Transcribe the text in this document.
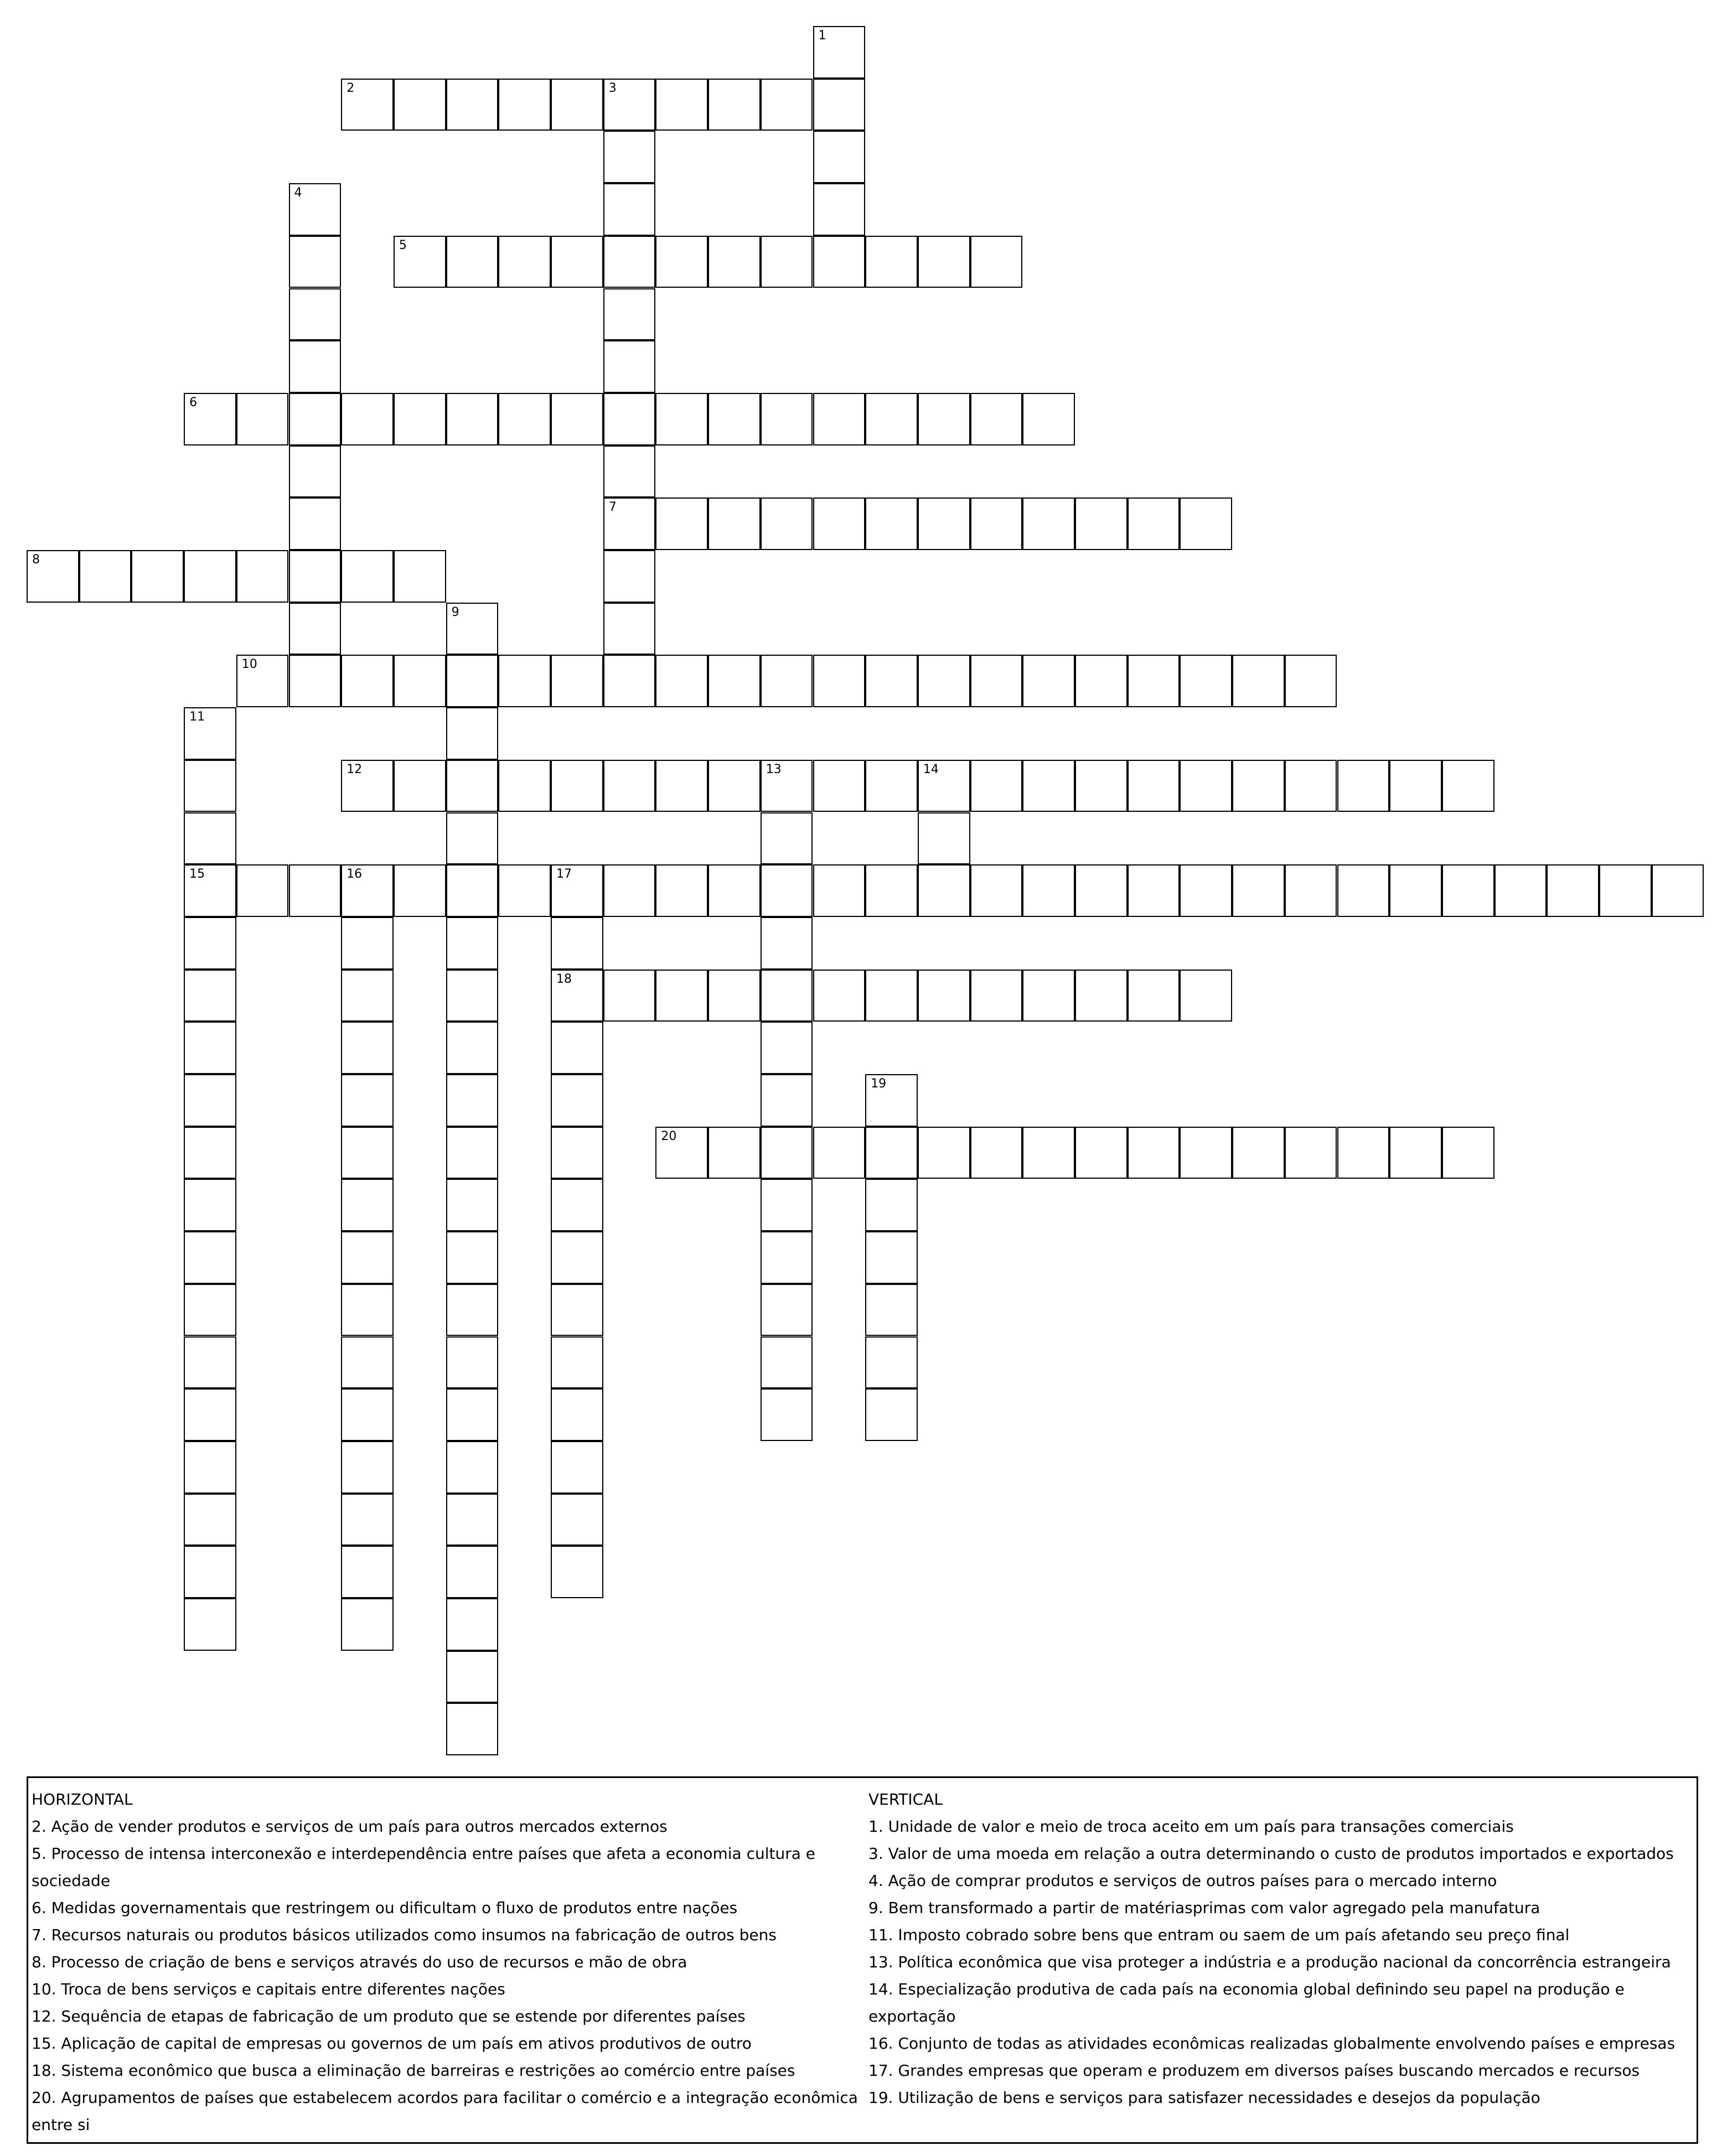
1
2	3
7
4
5
6
8
9
10
11
15
12	13	14
16	17
18
19
20
HORIZONTAL
2. Ação de vender produtos e serviços de um país para outros mercados externos
5. Processo de intensa interconexão e interdependência entre países que afeta a economia cultura e sociedade
6. Medidas governamentais que restringem ou dificultam o fluxo de produtos entre nações
7. Recursos naturais ou produtos básicos utilizados como insumos na fabricação de outros bens
8. Processo de criação de bens e serviços através do uso de recursos e mão de obra
10. Troca de bens serviços e capitais entre diferentes nações
12. Sequência de etapas de fabricação de um produto que se estende por diferentes países
15. Aplicação de capital de empresas ou governos de um país em ativos produtivos de outro
18. Sistema econômico que busca a eliminação de barreiras e restrições ao comércio entre países
20. Agrupamentos de países que estabelecem acordos para facilitar o comércio e a integração econômica entre si
VERTICAL
1. Unidade de valor e meio de troca aceito em um país para transações comerciais
3. Valor de uma moeda em relação a outra determinando o custo de produtos importados e exportados
4. Ação de comprar produtos e serviços de outros países para o mercado interno
9. Bem transformado a partir de matériasprimas com valor agregado pela manufatura
11. Imposto cobrado sobre bens que entram ou saem de um país afetando seu preço final
13. Política econômica que visa proteger a indústria e a produção nacional da concorrência estrangeira
14. Especialização produtiva de cada país na economia global definindo seu papel na produção e exportação
16. Conjunto de todas as atividades econômicas realizadas globalmente envolvendo países e empresas
17. Grandes empresas que operam e produzem em diversos países buscando mercados e recursos
19. Utilização de bens e serviços para satisfazer necessidades e desejos da população
